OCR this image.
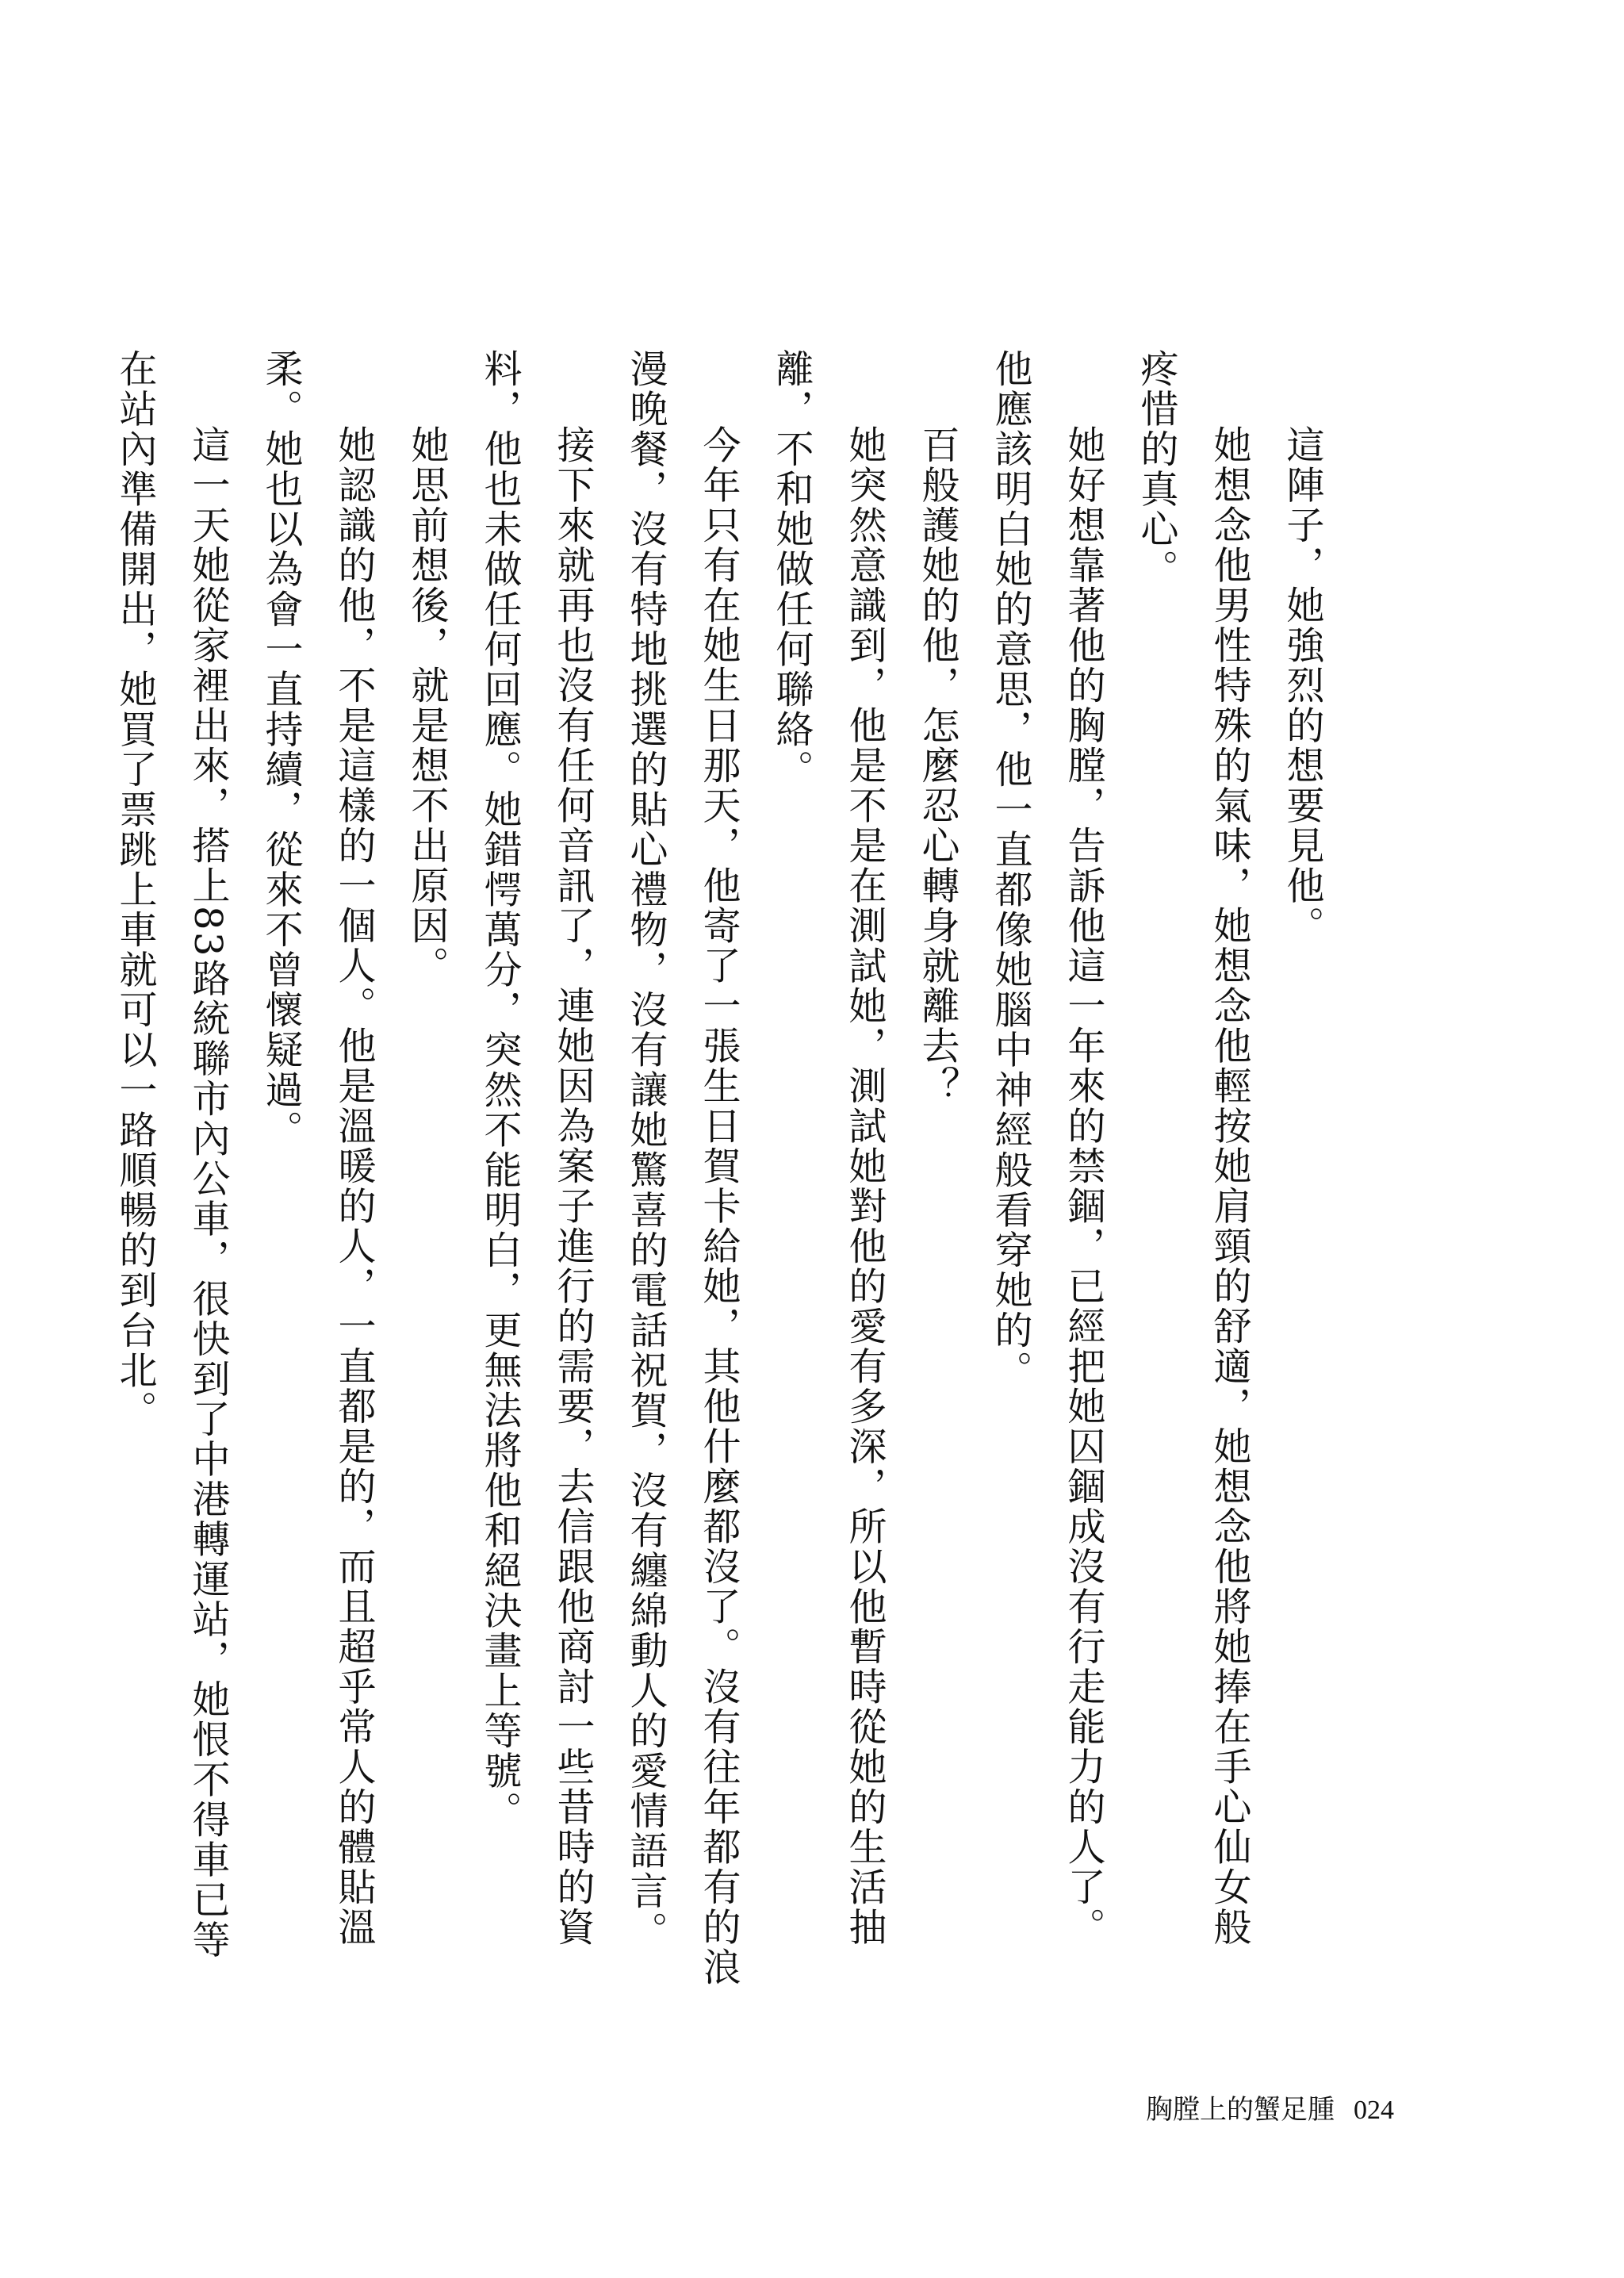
這陣子，她強烈的想要見他。
她想念他男性特殊的氣味，她想念他輕按她肩頸的舒適，她想念他將她捧在手心仙女般
疼惜的真心。
她好想靠著他的胸膛，告訴他這一年來的禁錮，已經把她囚錮成沒有行走能力的人了。
他應該明白她的意思，他一直都像她腦中神經般看穿她的。
百般護她的他，怎麼忍心轉身就離去？
她突然意識到，他是不是在測試她，測試她對他的愛有多深，所以他暫時從她的生活抽
離，不和她做任何聯絡。
今年只有在她生日那天，他寄了一張生日賀卡給她，其他什麼都沒了。沒有往年都有的浪
漫晚餐，沒有特地挑選的貼心禮物，沒有讓她驚喜的電話祝賀，沒有纏綿動人的愛情語言。
接下來就再也沒有任何音訊了，連她因為案子進行的需要，去信跟他商討一些昔時的資
料，他也未做任何回應。她錯愕萬分，突然不能明白，更無法將他和絕決畫上等號。
她思前想後，就是想不出原因。
她認識的他，不是這樣的一個人。他是溫暖的人，一直都是的，而且超乎常人的體貼溫
柔。她也以為會一直持續，從來不曾懷疑過。
這一天她從家裡出來，搭上83路統聯市內公車，很快到了中港轉運站，她恨不得車已等
在站內準備開出，她買了票跳上車就可以一路順暢的到台北。
胸膛上的蟹足腫 024
